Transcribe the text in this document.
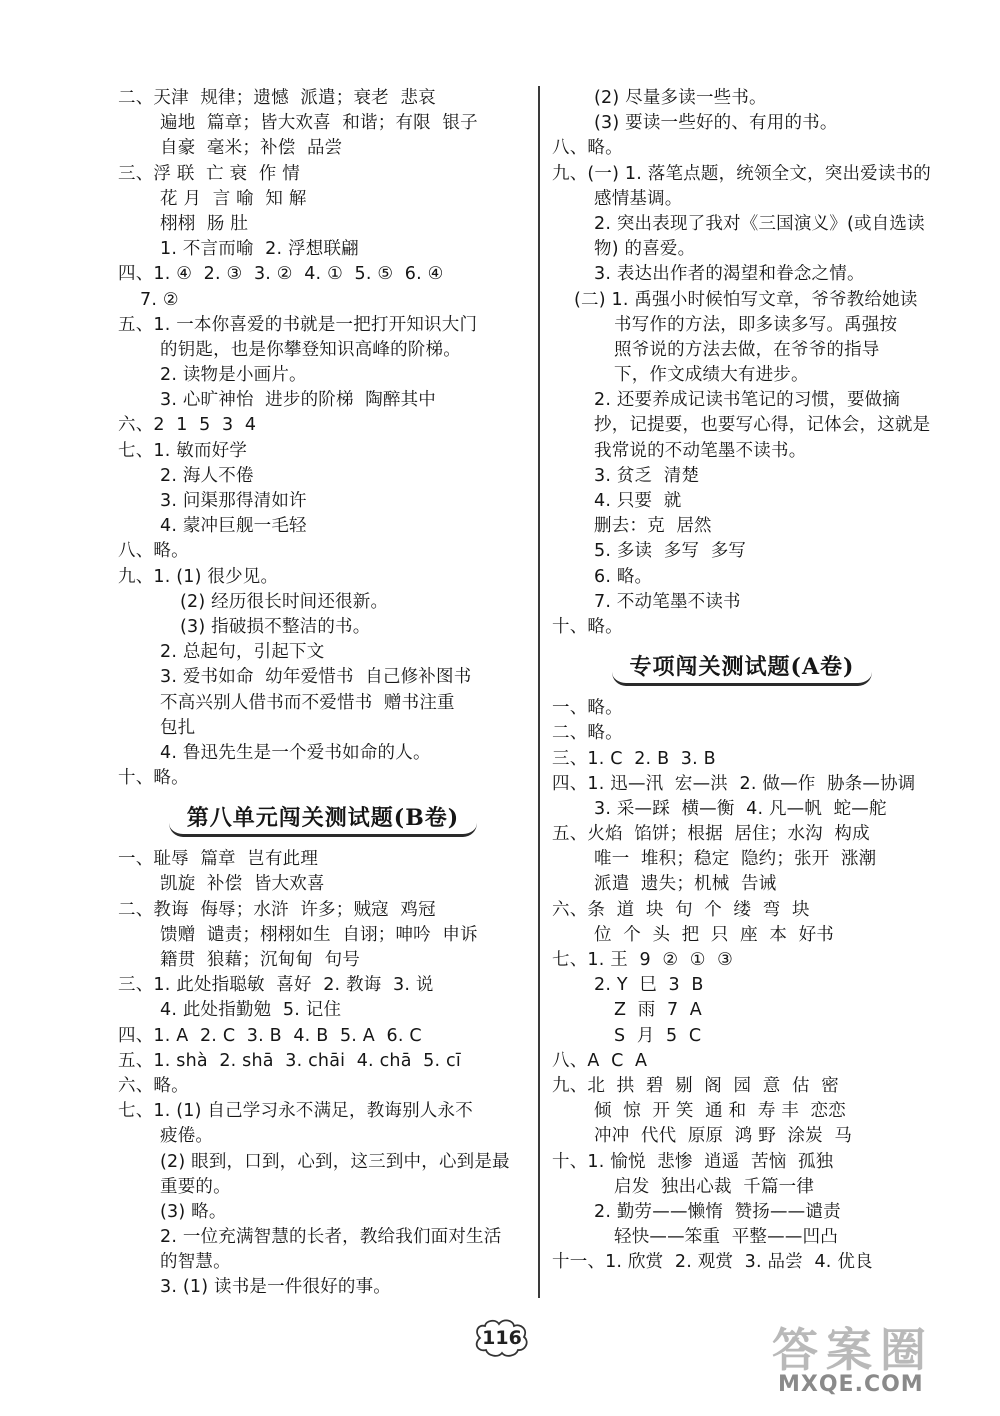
二、天津  规律；遗憾  派遣；衰老  悲哀
遍地  篇章；皆大欢喜  和谐；有限  银子
自豪  毫米；补偿  品尝
三、浮 联  亡 衰  作 情
花 月  言 喻  知 解
栩栩  肠 肚
1. 不言而喻  2. 浮想联翩
四、1. ④  2. ③  3. ②  4. ①  5. ⑤  6. ④
7. ②
五、1. 一本你喜爱的书就是一把打开知识大门
的钥匙，也是你攀登知识高峰的阶梯。
2. 读物是小画片。
3. 心旷神怡  进步的阶梯  陶醉其中
六、2  1  5  3  4
七、1. 敏而好学
2. 海人不倦
3. 问渠那得清如许
4. 蒙冲巨舰一毛轻
八、略。
九、1. (1) 很少见。
(2) 经历很长时间还很新。
(3) 指破损不整洁的书。
2. 总起句，引起下文
3. 爱书如命  幼年爱惜书  自己修补图书
不高兴别人借书而不爱惜书  赠书注重
包扎
4. 鲁迅先生是一个爱书如命的人。
十、略。
第八单元闯关测试题(B卷)
一、耻辱  篇章  岂有此理
凯旋  补偿  皆大欢喜
二、教诲  侮辱；水浒  许多；贼寇  鸡冠
馈赠  谴责；栩栩如生  自诩；呻吟  申诉
籍贯  狼藉；沉甸甸  句号
三、1. 此处指聪敏  喜好  2. 教诲  3. 说
4. 此处指勤勉  5. 记住
四、1. A  2. C  3. B  4. B  5. A  6. C
五、1. shà  2. shā  3. chāi  4. chā  5. cī
六、略。
七、1. (1) 自己学习永不满足，教诲别人永不
疲倦。
(2) 眼到，口到，心到，这三到中，心到是最
重要的。
(3) 略。
2. 一位充满智慧的长者，教给我们面对生活
的智慧。
3. (1) 读书是一件很好的事。
(2) 尽量多读一些书。
(3) 要读一些好的、有用的书。
八、略。
九、(一) 1. 落笔点题，统领全文，突出爱读书的
感情基调。
2. 突出表现了我对《三国演义》(或自选读
物) 的喜爱。
3. 表达出作者的渴望和眷念之情。
(二) 1. 禹强小时候怕写文章，爷爷教给她读
书写作的方法，即多读多写。禹强按
照爷说的方法去做，在爷爷的指导
下，作文成绩大有进步。
2. 还要养成记读书笔记的习惯，要做摘
抄，记提要，也要写心得，记体会，这就是
我常说的不动笔墨不读书。
3. 贫乏  清楚
4. 只要  就
删去：克  居然
5. 多读  多写  多写
6. 略。
7. 不动笔墨不读书
十、略。
专项闯关测试题(A卷)
一、略。
二、略。
三、1. C  2. B  3. B
四、1. 迅—汛  宏—洪  2. 做—作  胁条—协调
3. 采—踩  横—衡  4. 凡—帆  蛇—舵
五、火焰  馅饼；根据  居住；水沟  构成
唯一  堆积；稳定  隐约；张开  涨潮
派遣  遗失；机械  告诫
六、条  道  块  句  个  缕  弯  块
位  个  头  把  只  座  本  好书
七、1. 王  9  ②  ①  ③
2. Y  巳  3  B
Z  雨  7  A
S  月  5  C
八、A  C  A
九、北  拱  碧  剔  阁  园  意  估  密
倾  惊  开 笑  通 和  寿 丰  恋恋
冲冲  代代  原原  鸿 野  涂炭  马
十、1. 愉悦  悲惨  逍遥  苦恼  孤独
启发  独出心裁  千篇一律
2. 勤劳——懒惰  赞扬——谴责
轻快——笨重  平整——凹凸
十一、1. 欣赏  2. 观赏  3. 品尝  4. 优良
116	答案圈
MXQE.COM
